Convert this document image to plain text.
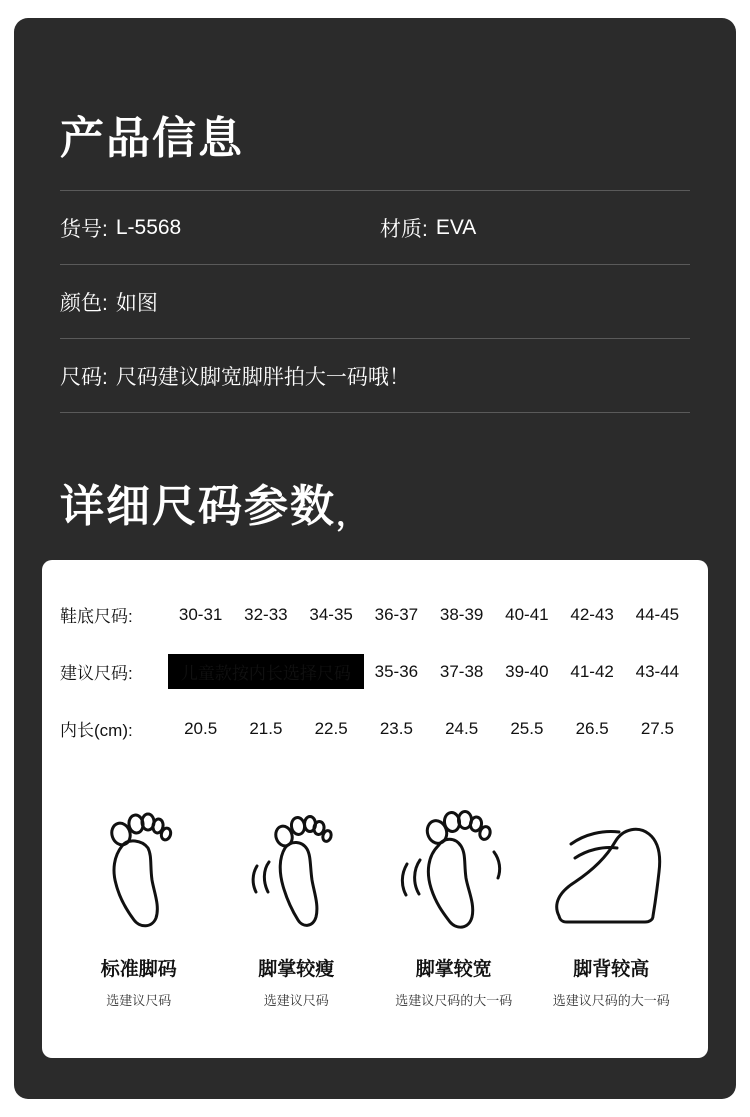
产品信息
货号: L-5568	材质: EVA
颜色: 如图
尺码: 尺码建议脚宽脚胖拍大一码哦！
详细尺码参数，
鞋底尺码:	30-31	32-33	34-35	36-37	38-39	40-41	42-43	44-45
建议尺码:	儿童款按内长选择尺码	35-36	37-38	39-40	41-42	43-44
内长(cm):	20.5	21.5	22.5	23.5	24.5	25.5	26.5	27.5
标准脚码
选建议尺码
脚掌较瘦
选建议尺码
脚掌较宽
选建议尺码的大一码
脚背较高
选建议尺码的大一码
